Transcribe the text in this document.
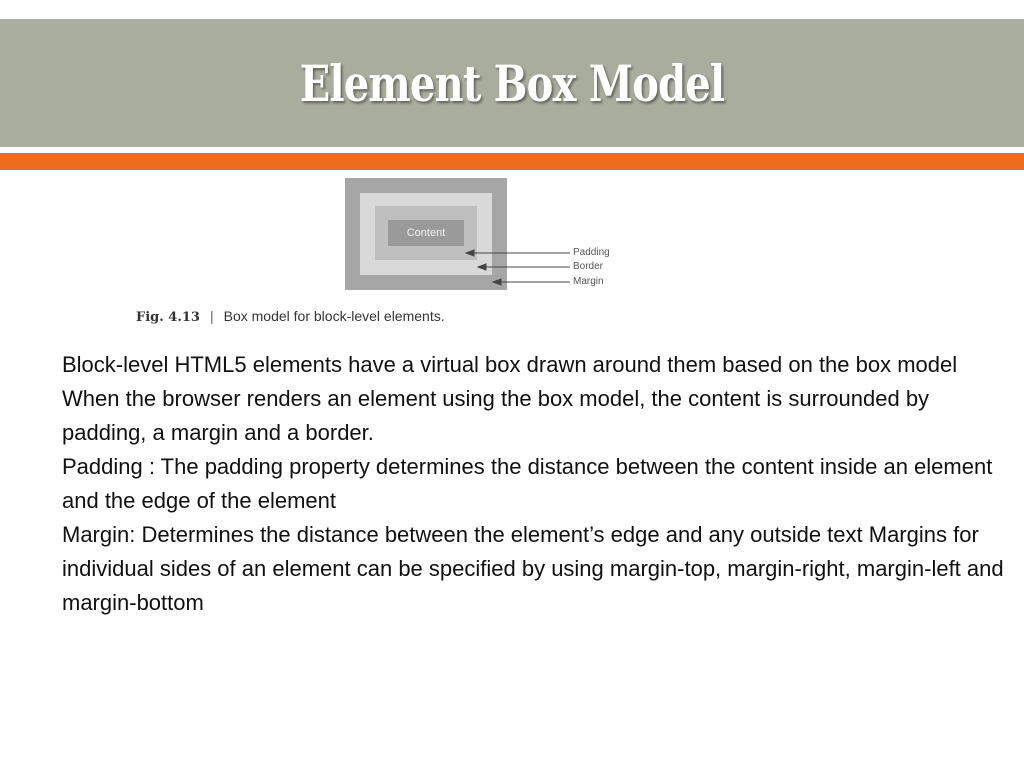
Element Box Model
Content
Padding
Border
Margin
Fig. 4.13 | Box model for block-level elements.

Block-level HTML5 elements have a virtual box drawn around them based on the box model

When the browser renders an element using the box model, the content is surrounded by padding, a margin and a border.

Padding : The padding property determines the distance between the content inside an element and the edge of the element

Margin: Determines the distance between the element’s edge and any outside text Margins for individual sides of an element can be specified by using margin-top, margin-right, margin-left and margin-bottom
